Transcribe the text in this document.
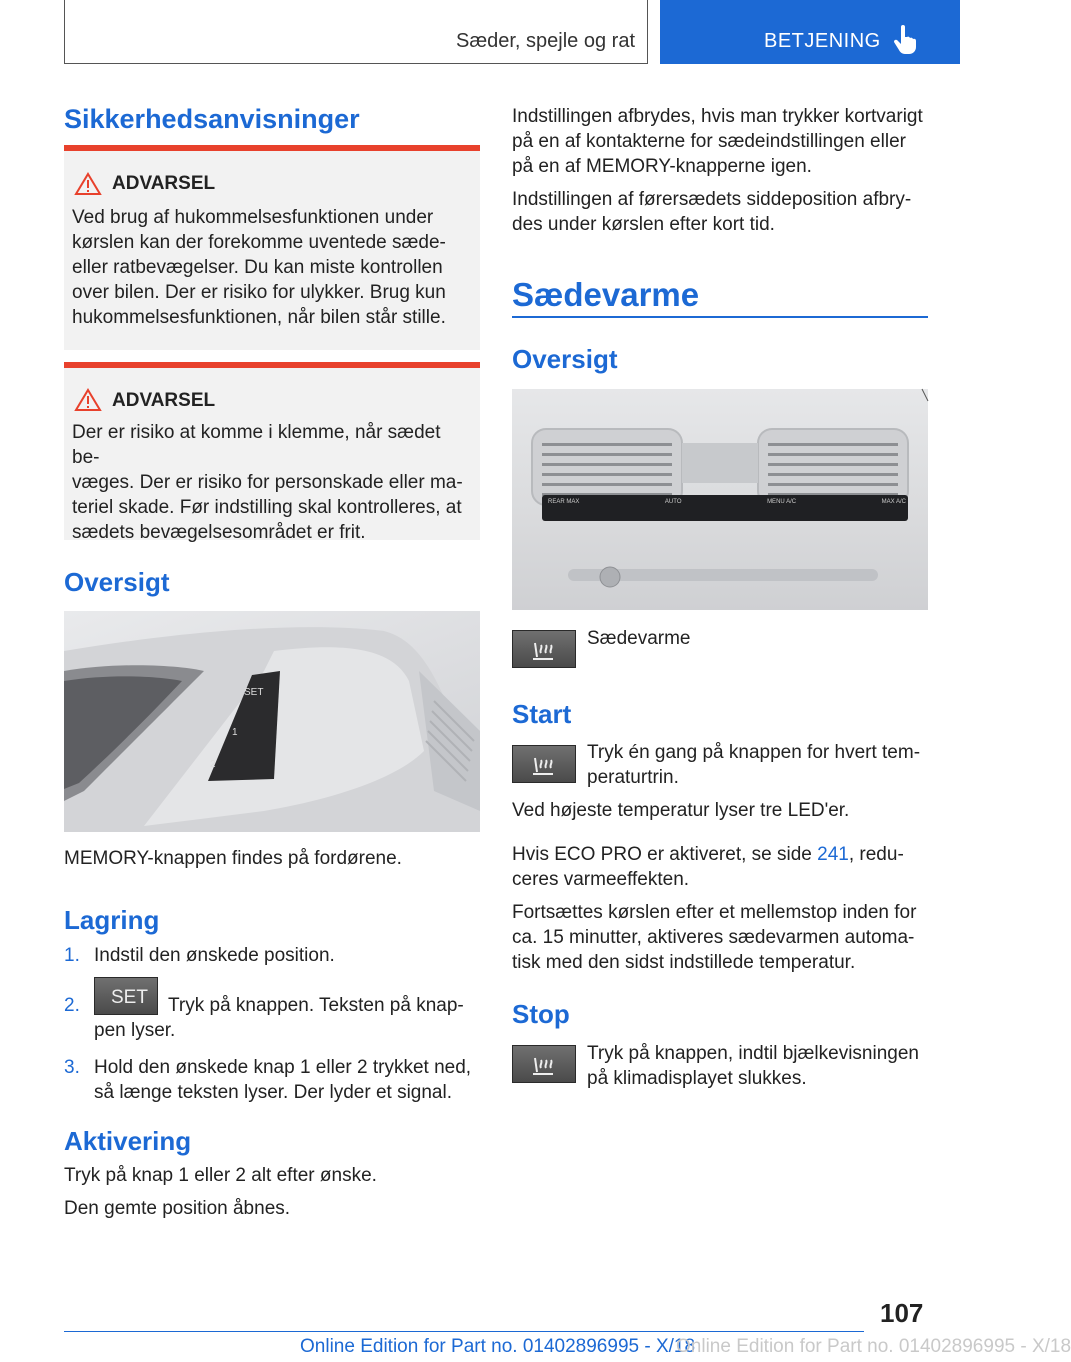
Sæder, spejle og rat	BETJENING
Sikkerhedsanvisninger
ADVARSEL

Ved brug af hukommelsesfunktionen under

kørslen kan der forekomme uventede sæde-

eller ratbevægelser. Du kan miste kontrollen

over bilen. Der er risiko for ulykker. Brug kun

hukommelsesfunktionen, når bilen står stille.

ADVARSEL

Der er risiko at komme i klemme, når sædet be-

væges. Der er risiko for personskade eller ma-

teriel skade. Før indstilling skal kontrolleres, at

sædets bevægelsesområdet er frit.

Oversigt
SET
1
2
MEMORY-knappen findes på fordørene.
Lagring
1. Indstil den ønskede position.
2. SET Tryk på knappen. Teksten på knap-
pen lyser.
3. Hold den ønskede knap 1 eller 2 trykket ned,
så længe teksten lyser. Der lyder et signal.
Aktivering
Tryk på knap 1 eller 2 alt efter ønske.
Den gemte position åbnes.

Indstillingen afbrydes, hvis man trykker kortvarigt

på en af kontakterne for sædeindstillingen eller

på en af MEMORY-knapperne igen.

Indstillingen af førersædets siddeposition afbry-

des under kørslen efter kort tid.

Sædevarme
Oversigt
REAR MAX	AUTO	MENU A/C	MAX A/C
Sædevarme
Start

Tryk én gang på knappen for hvert tem-

peraturtrin.

Ved højeste temperatur lyser tre LED'er.
Hvis ECO PRO er aktiveret, se side 241, redu-
ceres varmeeffekten.

Fortsættes kørslen efter et mellemstop inden for

ca. 15 minutter, aktiveres sædevarmen automa-

tisk med den sidst indstillede temperatur.

Stop

Tryk på knappen, indtil bjælkevisningen

på klimadisplayet slukkes.

107
Online Edition for Part no. 01402896995 - X/18
Online Edition for Part no. 01402896995 - X/18
